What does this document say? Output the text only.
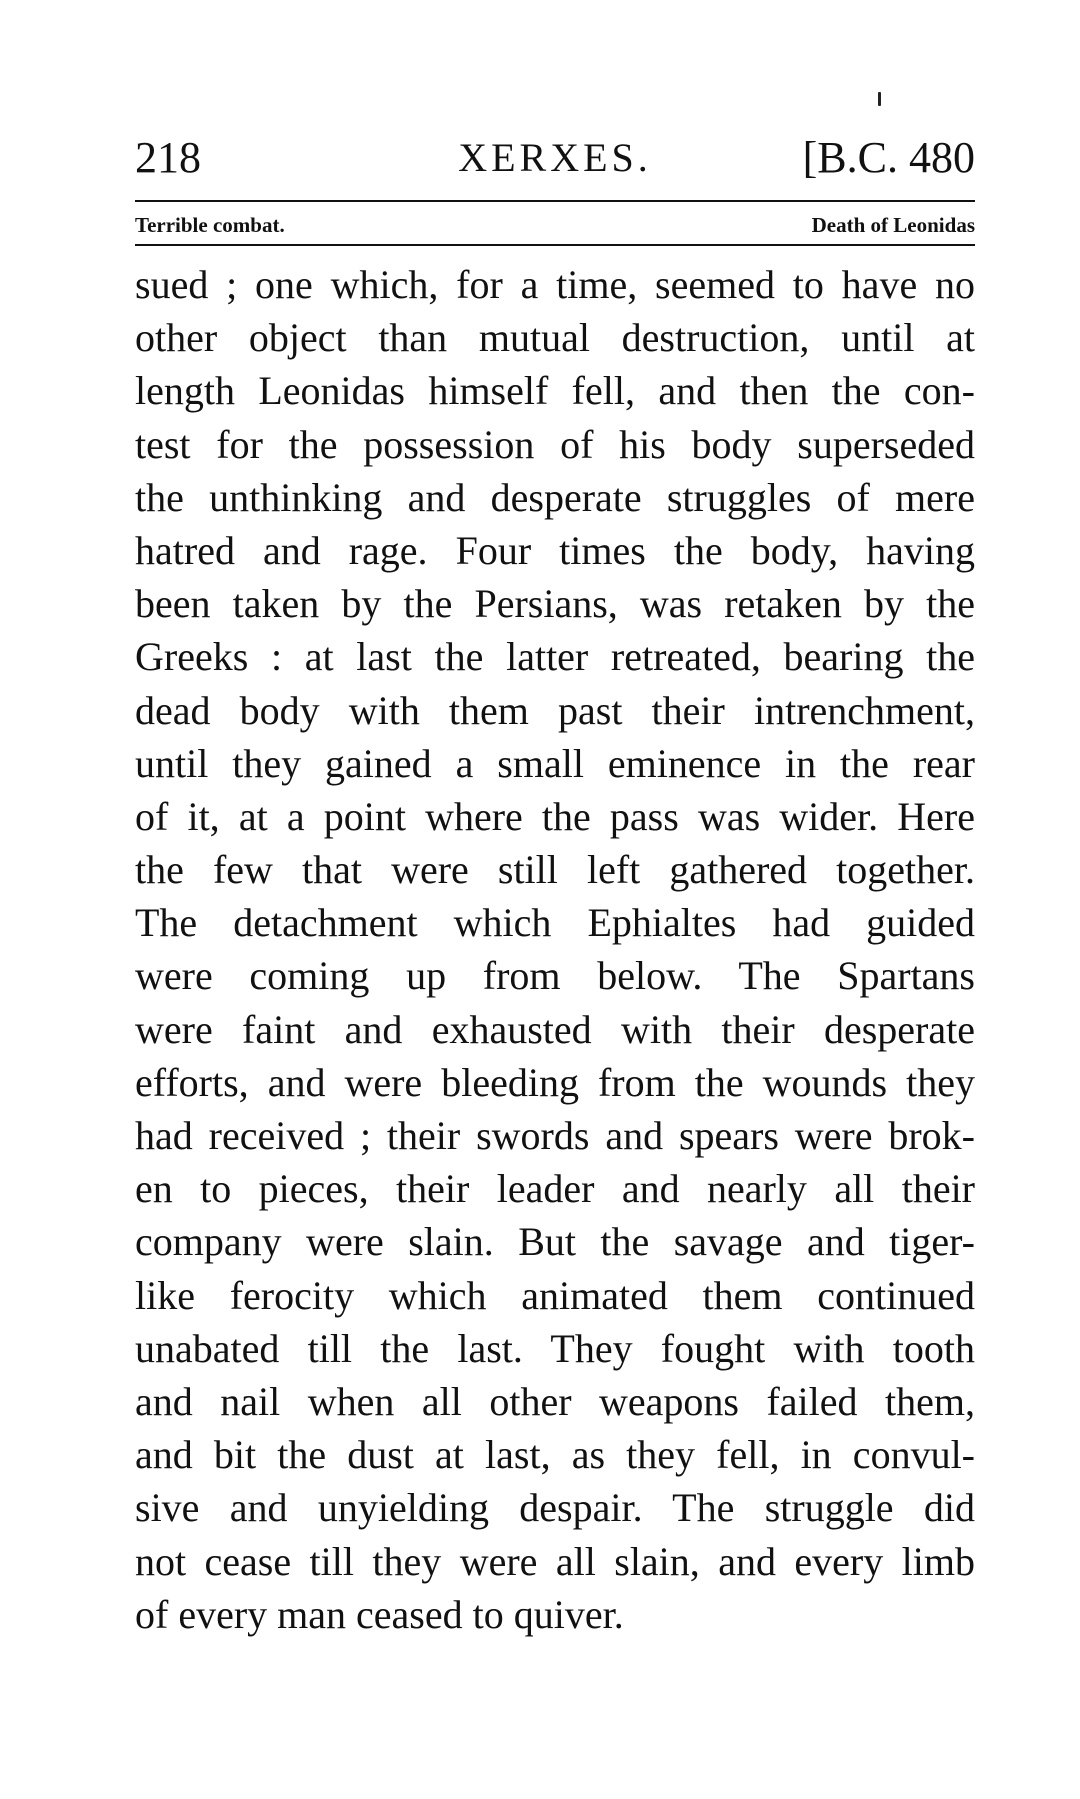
218	XERXES.	[B.C. 480
Terrible combat.	Death of Leonidas
sued ; one which, for a time, seemed to have no
other object than mutual destruction, until at
length Leonidas himself fell, and then the con-
test for the possession of his body superseded
the unthinking and desperate struggles of mere
hatred and rage. Four times the body, having
been taken by the Persians, was retaken by the
Greeks : at last the latter retreated, bearing the
dead body with them past their intrenchment,
until they gained a small eminence in the rear
of it, at a point where the pass was wider. Here
the few that were still left gathered together.
The detachment which Ephialtes had guided
were coming up from below. The Spartans
were faint and exhausted with their desperate
efforts, and were bleeding from the wounds they
had received ; their swords and spears were brok-
en to pieces, their leader and nearly all their
company were slain. But the savage and tiger-
like ferocity which animated them continued
unabated till the last. They fought with tooth
and nail when all other weapons failed them,
and bit the dust at last, as they fell, in convul-
sive and unyielding despair. The struggle did
not cease till they were all slain, and every limb
of every man ceased to quiver.
